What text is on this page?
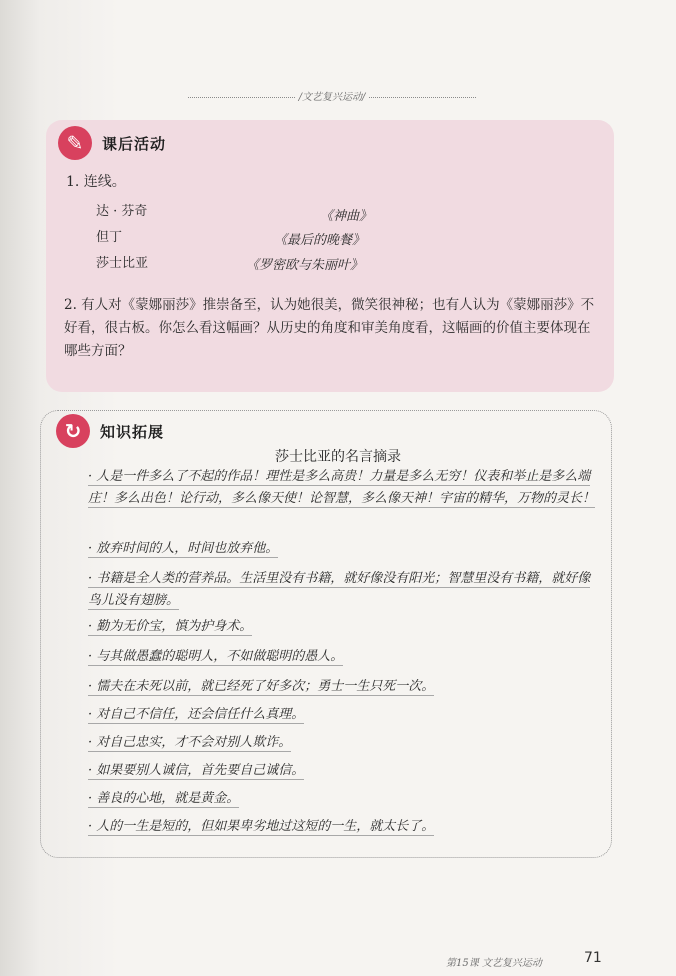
/文艺复兴运动/
✎	课后活动
1. 连线。
达 · 芬奇
但丁
莎士比亚
《神曲》
《最后的晚餐》
《罗密欧与朱丽叶》
2. 有人对《蒙娜丽莎》推崇备至，认为她很美，微笑很神秘；也有人认为《蒙娜丽莎》不好看，很古板。你怎么看这幅画？从历史的角度和审美角度看，这幅画的价值主要体现在哪些方面？
↻	知识拓展
莎士比亚的名言摘录
· 人是一件多么了不起的作品！理性是多么高贵！力量是多么无穷！仪表和举止是多么端庄！多么出色！论行动，多么像天使！论智慧，多么像天神！宇宙的精华，万物的灵长！
· 放弃时间的人，时间也放弃他。
· 书籍是全人类的营养品。生活里没有书籍，就好像没有阳光；智慧里没有书籍，就好像鸟儿没有翅膀。
· 勤为无价宝，慎为护身术。
· 与其做愚蠢的聪明人，不如做聪明的愚人。
· 懦夫在未死以前，就已经死了好多次；勇士一生只死一次。
· 对自己不信任，还会信任什么真理。
· 对自己忠实，才不会对别人欺诈。
· 如果要别人诚信，首先要自己诚信。
· 善良的心地，就是黄金。
· 人的一生是短的，但如果卑劣地过这短的一生，就太长了。
第15课 文艺复兴运动	71
